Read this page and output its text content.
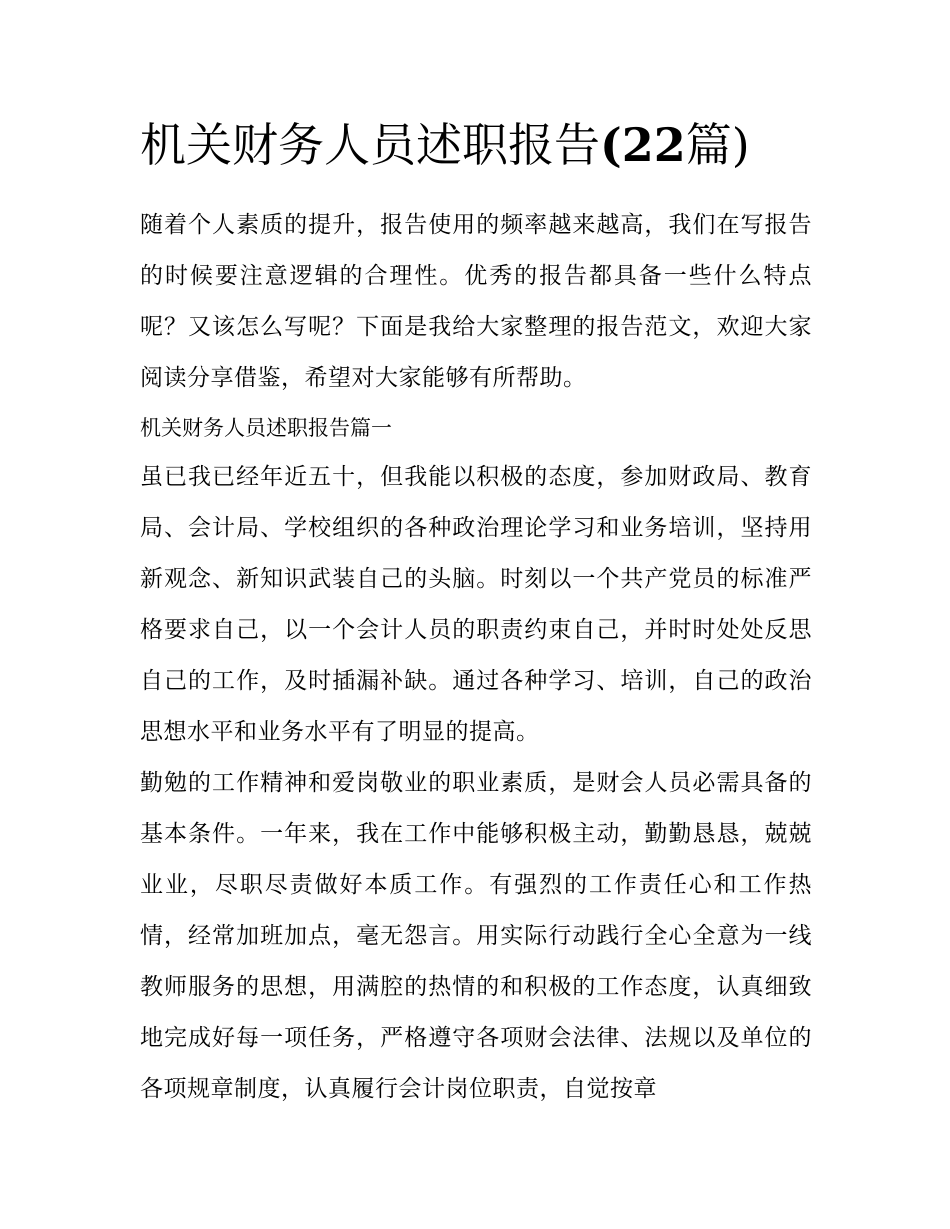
机关财务人员述职报告(22篇)

随着个人素质的提升，报告使用的频率越来越高，我们在写报告的时候要注意逻辑的合理性。优秀的报告都具备一些什么特点呢？又该怎么写呢？下面是我给大家整理的报告范文，欢迎大家阅读分享借鉴，希望对大家能够有所帮助。

机关财务人员述职报告篇一

虽已我已经年近五十，但我能以积极的态度，参加财政局、教育局、会计局、学校组织的各种政治理论学习和业务培训，坚持用新观念、新知识武装自己的头脑。时刻以一个共产党员的标准严格要求自己，以一个会计人员的职责约束自己，并时时处处反思自己的工作，及时插漏补缺。通过各种学习、培训，自己的政治思想水平和业务水平有了明显的提高。

勤勉的工作精神和爱岗敬业的职业素质，是财会人员必需具备的基本条件。一年来，我在工作中能够积极主动，勤勤恳恳，兢兢业业，尽职尽责做好本质工作。有强烈的工作责任心和工作热情，经常加班加点，毫无怨言。用实际行动践行全心全意为一线教师服务的思想，用满腔的热情的和积极的工作态度，认真细致地完成好每一项任务，严格遵守各项财会法律、法规以及单位的各项规章制度，认真履行会计岗位职责，自觉按章
